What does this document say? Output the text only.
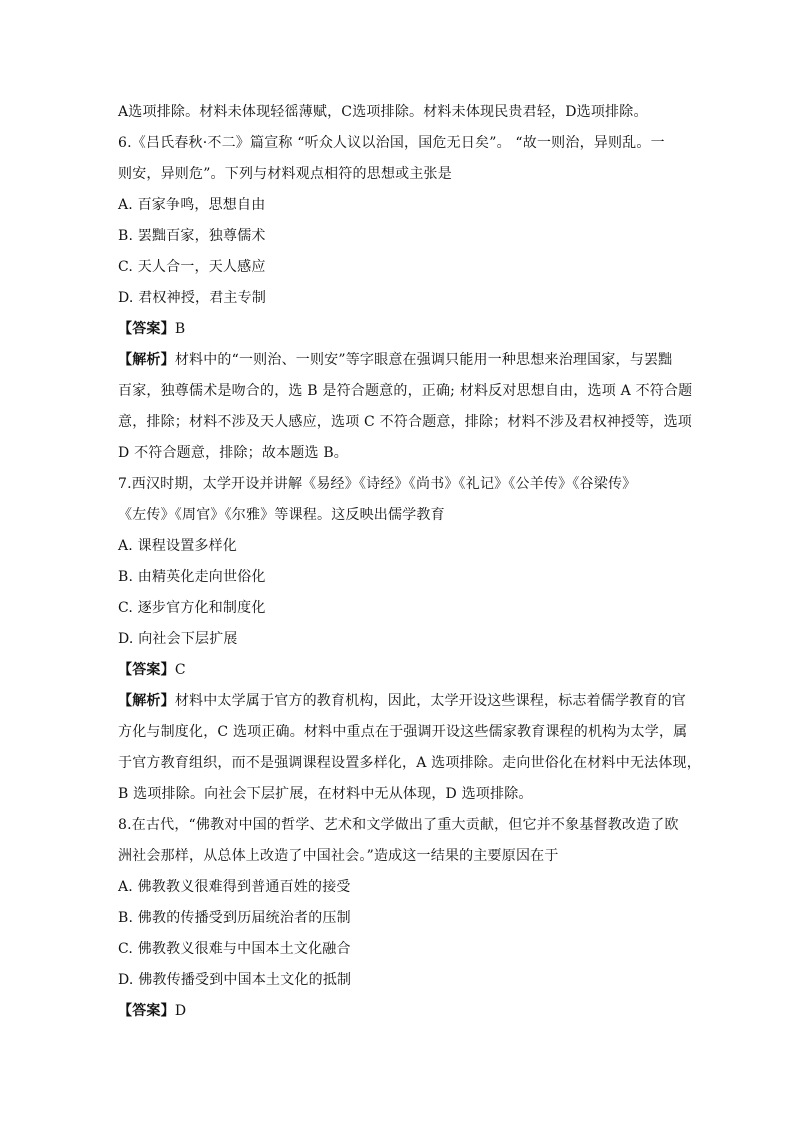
A选项排除。材料未体现轻徭薄赋，C选项排除。材料未体现民贵君轻，D选项排除。
6.《吕氏春秋·不二》篇宣称 “听众人议以治国，国危无日矣”。 “故一则治，异则乱。一
则安，异则危”。下列与材料观点相符的思想或主张是
A. 百家争鸣，思想自由
B. 罢黜百家，独尊儒术
C. 天人合一，天人感应
D. 君权神授，君主专制
【答案】B
【解析】材料中的“一则治、一则安”等字眼意在强调只能用一种思想来治理国家，与罢黜
百家，独尊儒术是吻合的，选 B 是符合题意的，正确; 材料反对思想自由，选项 A 不符合题
意，排除；材料不涉及天人感应，选项 C 不符合题意，排除；材料不涉及君权神授等，选项
D 不符合题意，排除；故本题选 B。
7.西汉时期，太学开设并讲解《易经》《诗经》《尚书》《礼记》《公羊传》《谷梁传》
《左传》《周官》《尔雅》等课程。这反映出儒学教育
A. 课程设置多样化
B. 由精英化走向世俗化
C. 逐步官方化和制度化
D. 向社会下层扩展
【答案】C
【解析】材料中太学属于官方的教育机构，因此，太学开设这些课程，标志着儒学教育的官
方化与制度化，C 选项正确。材料中重点在于强调开设这些儒家教育课程的机构为太学，属
于官方教育组织，而不是强调课程设置多样化，A 选项排除。走向世俗化在材料中无法体现，
B 选项排除。向社会下层扩展，在材料中无从体现，D 选项排除。
8.在古代，“佛教对中国的哲学、艺术和文学做出了重大贡献，但它并不象基督教改造了欧
洲社会那样，从总体上改造了中国社会。”造成这一结果的主要原因在于
A. 佛教教义很难得到普通百姓的接受
B. 佛教的传播受到历届统治者的压制
C. 佛教教义很难与中国本土文化融合
D. 佛教传播受到中国本土文化的抵制
【答案】D
